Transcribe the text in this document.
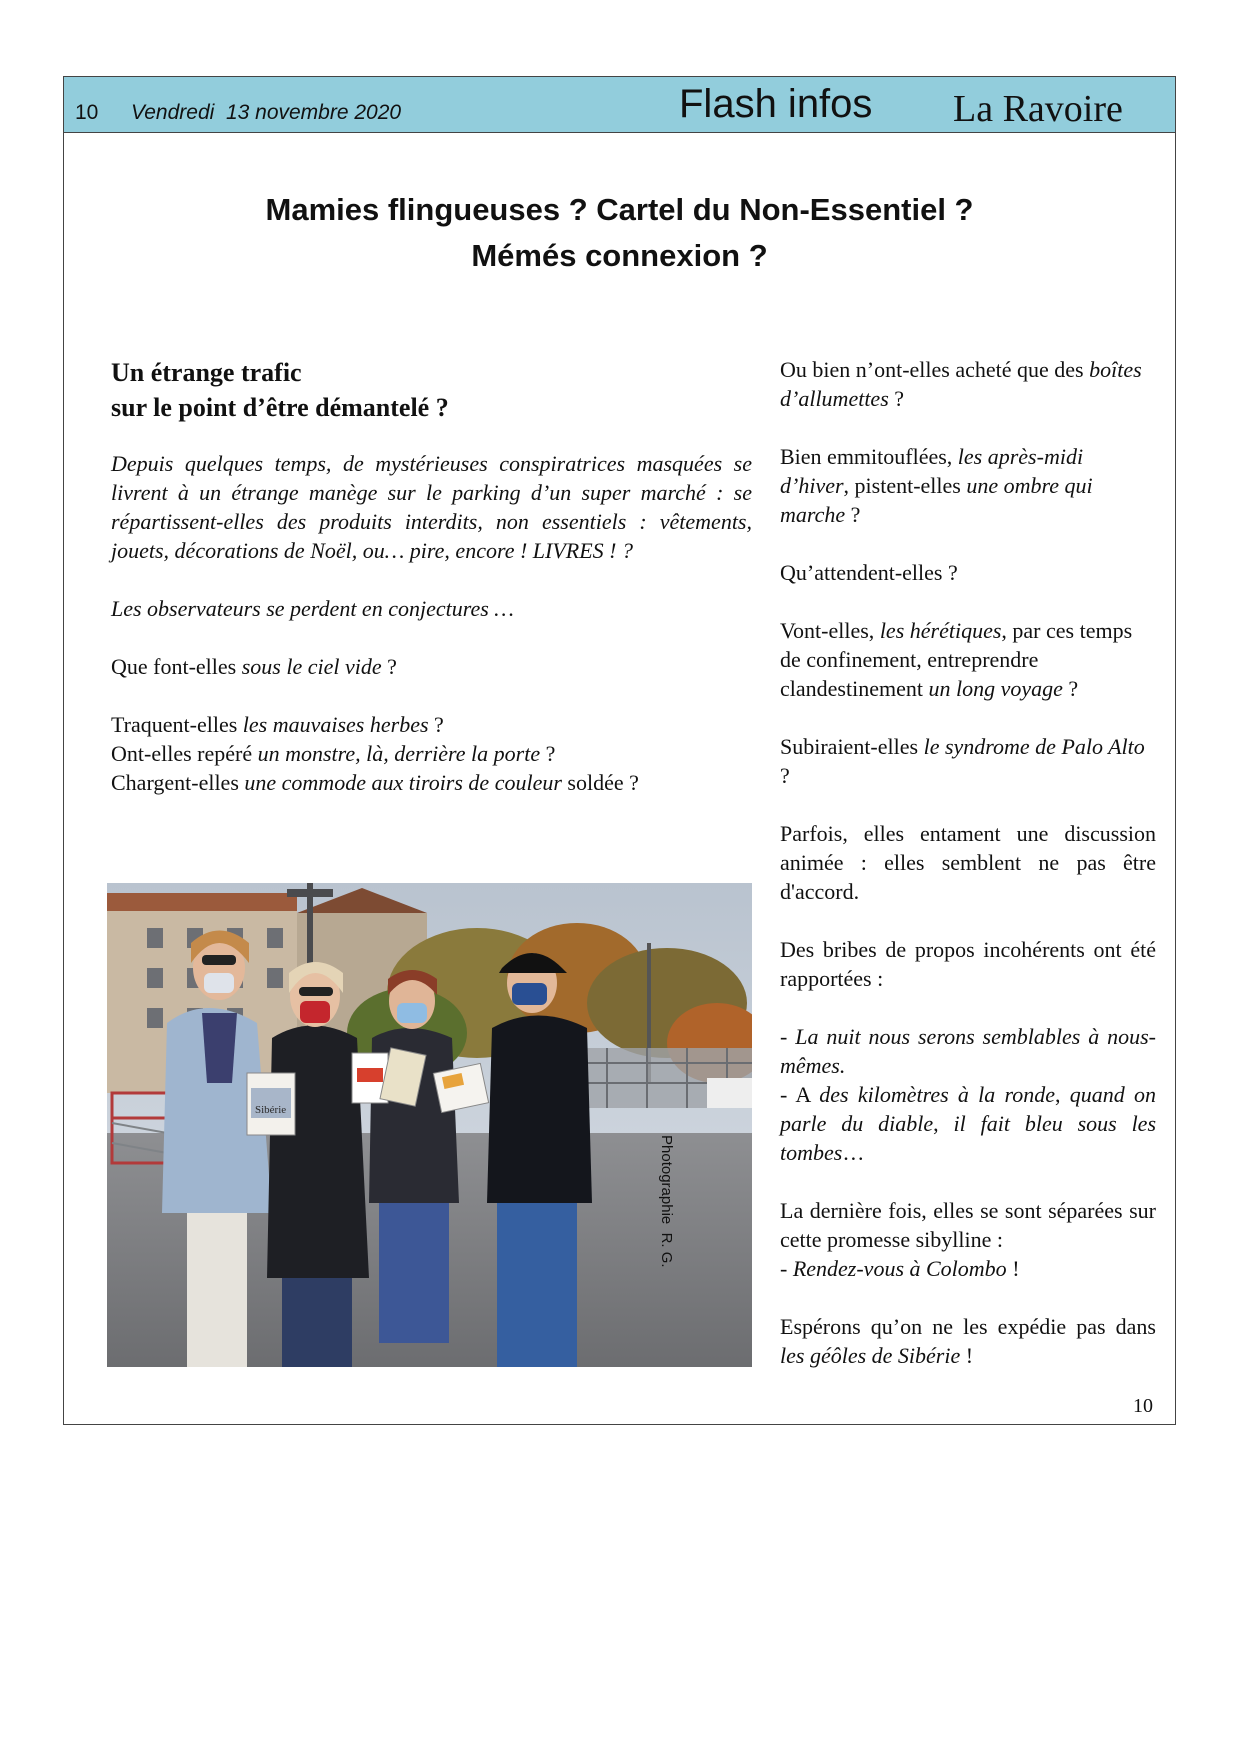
10 Vendredi  13 novembre 2020	Flash infos La Ravoire
Mamies flingueuses ? Cartel du Non-Essentiel ?
Mémés connexion ?
Un étrange trafic
sur le point d’être démantelé ?

Depuis quelques temps, de mystérieuses conspiratrices masquées se livrent à un étrange manège sur le parking d’un super marché : se répartissent-elles des produits interdits, non essentiels : vêtements, jouets, décorations de Noël, ou… pire, encore ! LIVRES ! ?

Les observateurs se perdent en conjectures …

Que font-elles sous le ciel vide ?

Traquent-elles les mauvaises herbes ?
Ont-elles repéré un monstre, là, derrière la porte ?
Chargent-elles une commode aux tiroirs de couleur soldée ?

Sibérie
Photographie  R. G.

Ou bien n’ont-elles acheté que des boîtes d’allumettes ?

Bien emmitouflées, les après-midi d’hiver, pistent-elles une ombre qui marche ?

Qu’attendent-elles ?

Vont-elles, les hérétiques, par ces temps de confinement, entreprendre clandestinement un long voyage ?

Subiraient-elles le syndrome de Palo Alto ?

Parfois, elles entament une discussion animée : elles semblent ne pas être d'accord.

Des bribes de propos incohérents ont été rapportées :

- La nuit nous serons semblables à nous-mêmes.
- A des kilomètres à la ronde, quand on parle du diable, il fait bleu sous les tombes…

La dernière fois, elles se sont séparées sur cette promesse sibylline :
- Rendez-vous à Colombo !

Espérons qu’on ne les expédie pas dans les géôles de Sibérie !

10
